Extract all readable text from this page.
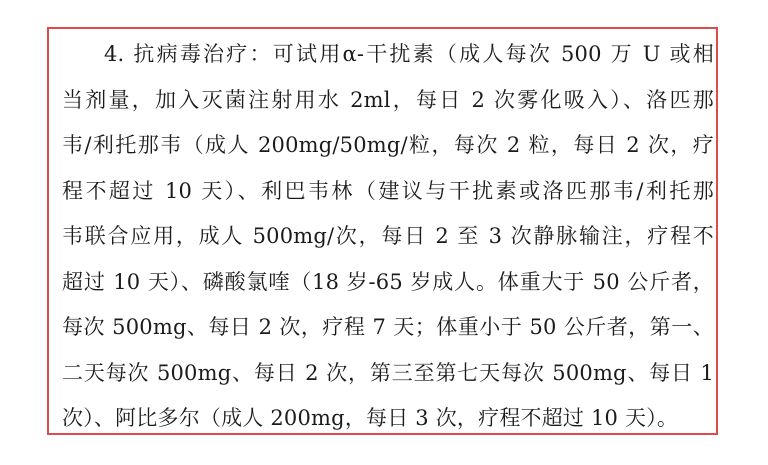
4. 抗病毒治疗：可试用α-干扰素（成人每次 500 万 U 或相
当剂量，加入灭菌注射用水 2ml，每日 2 次雾化吸入）、洛匹那
韦/利托那韦（成人 200mg/50mg/粒，每次 2 粒，每日 2 次，疗
程不超过 10 天）、利巴韦林（建议与干扰素或洛匹那韦/利托那
韦联合应用，成人 500mg/次，每日 2 至 3 次静脉输注，疗程不
超过 10 天）、磷酸氯喹（18 岁-65 岁成人。体重大于 50 公斤者，
每次 500mg、每日 2 次，疗程 7 天；体重小于 50 公斤者，第一、
二天每次 500mg、每日 2 次，第三至第七天每次 500mg、每日 1
次）、阿比多尔（成人 200mg，每日 3 次，疗程不超过 10 天）。
